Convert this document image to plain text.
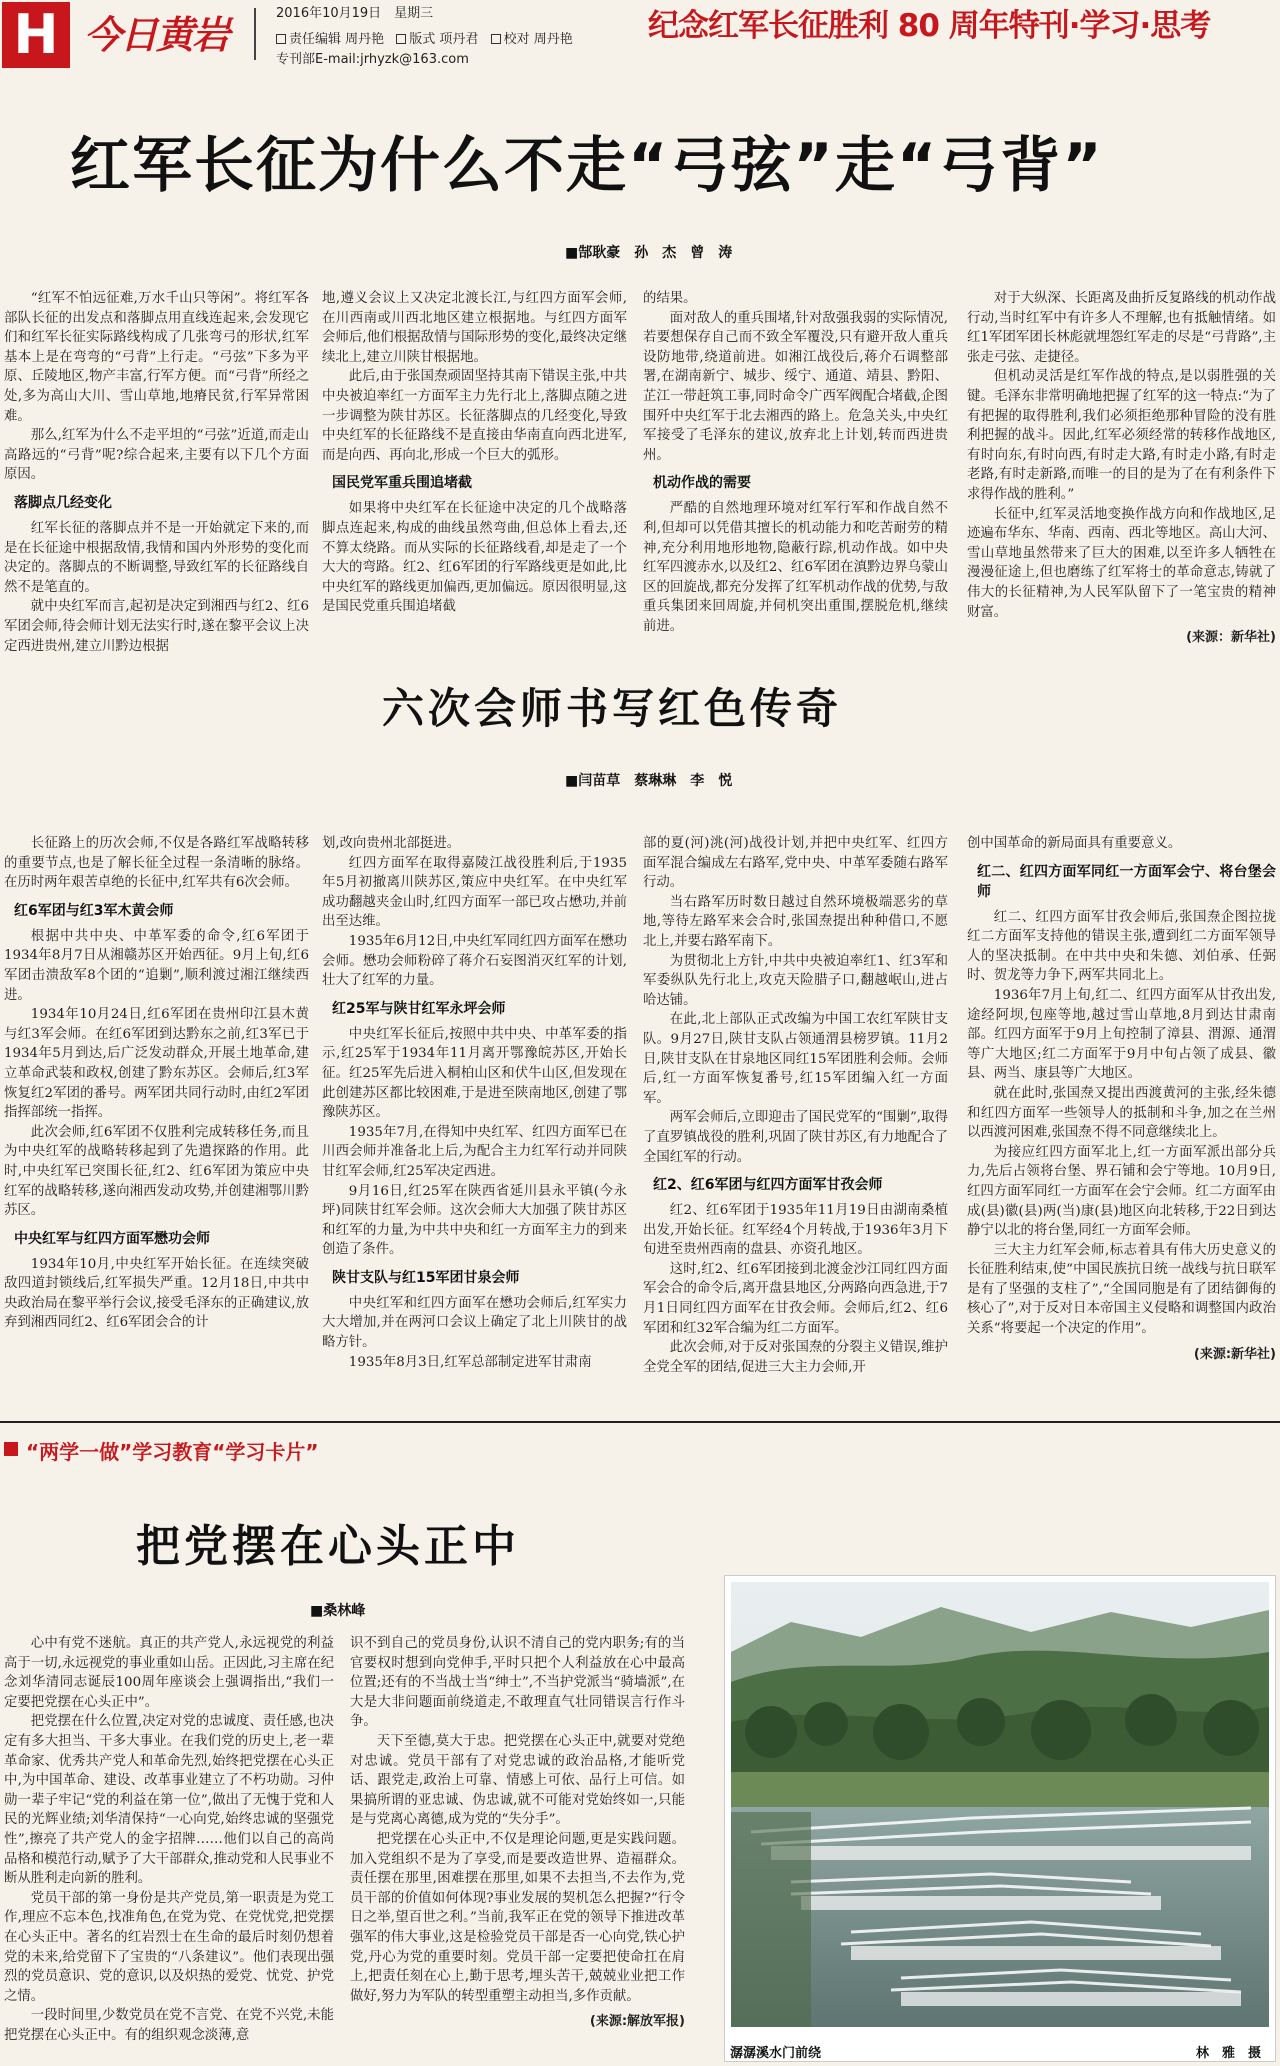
H 今日黄岩	2016年10月19日　星期三
责任编辑 周丹艳 版式 项丹君 校对 周丹艳
专刊部E-mail:jrhyzk@163.com
纪念红军长征胜利 80 周年特刊·学习·思考
红军长征为什么不走“弓弦”走“弓背”
■郜耿豪　孙　杰　曾　涛

“红军不怕远征难,万水千山只等闲”。将红军各部队长征的出发点和落脚点用直线连起来,会发现它们和红军长征实际路线构成了几张弯弓的形状,红军基本上是在弯弯的“弓背”上行走。“弓弦”下多为平原、丘陵地区,物产丰富,行军方便。而“弓背”所经之处,多为高山大川、雪山草地,地瘠民贫,行军异常困难。

那么,红军为什么不走平坦的“弓弦”近道,而走山高路远的“弓背”呢?综合起来,主要有以下几个方面原因。

落脚点几经变化

红军长征的落脚点并不是一开始就定下来的,而是在长征途中根据敌情,我情和国内外形势的变化而决定的。落脚点的不断调整,导致红军的长征路线自然不是笔直的。

就中央红军而言,起初是决定到湘西与红2、红6军团会师,待会师计划无法实行时,遂在黎平会议上决定西进贵州,建立川黔边根据

地,遵义会议上又决定北渡长江,与红四方面军会师,在川西南或川西北地区建立根据地。与红四方面军会师后,他们根据敌情与国际形势的变化,最终决定继续北上,建立川陕甘根据地。

此后,由于张国焘顽固坚持其南下错误主张,中共中央被迫率红一方面军主力先行北上,落脚点随之进一步调整为陕甘苏区。长征落脚点的几经变化,导致中央红军的长征路线不是直接由华南直向西北进军,而是向西、再向北,形成一个巨大的弧形。

国民党军重兵围追堵截

如果将中央红军在长征途中决定的几个战略落脚点连起来,构成的曲线虽然弯曲,但总体上看去,还不算太绕路。而从实际的长征路线看,却是走了一个大大的弯路。红2、红6军团的行军路线更是如此,比中央红军的路线更加偏西,更加偏远。原因很明显,这是国民党重兵围追堵截

的结果。

面对敌人的重兵围堵,针对敌强我弱的实际情况,若要想保存自己而不致全军覆没,只有避开敌人重兵设防地带,绕道前进。如湘江战役后,蒋介石调整部署,在湖南新宁、城步、绥宁、通道、靖县、黔阳、芷江一带赶筑工事,同时命令广西军阀配合堵截,企图围歼中央红军于北去湘西的路上。危急关头,中央红军接受了毛泽东的建议,放弃北上计划,转而西进贵州。

机动作战的需要

严酷的自然地理环境对红军行军和作战自然不利,但却可以凭借其擅长的机动能力和吃苦耐劳的精神,充分利用地形地物,隐蔽行踪,机动作战。如中央红军四渡赤水,以及红2、红6军团在滇黔边界乌蒙山区的回旋战,都充分发挥了红军机动作战的优势,与敌重兵集团来回周旋,并伺机突出重围,摆脱危机,继续前进。

对于大纵深、长距离及曲折反复路线的机动作战行动,当时红军中有许多人不理解,也有抵触情绪。如红1军团军团长林彪就埋怨红军走的尽是“弓背路”,主张走弓弦、走捷径。

但机动灵活是红军作战的特点,是以弱胜强的关键。毛泽东非常明确地把握了红军的这一特点:“为了有把握的取得胜利,我们必须拒绝那种冒险的没有胜利把握的战斗。因此,红军必须经常的转移作战地区,有时向东,有时向西,有时走大路,有时走小路,有时走老路,有时走新路,而唯一的目的是为了在有利条件下求得作战的胜利。”

长征中,红军灵活地变换作战方向和作战地区,足迹遍布华东、华南、西南、西北等地区。高山大河、雪山草地虽然带来了巨大的困难,以至许多人牺牲在漫漫征途上,但也磨练了红军将士的革命意志,铸就了伟大的长征精神,为人民军队留下了一笔宝贵的精神财富。

(来源：新华社)

六次会师书写红色传奇
■闫苗草　蔡琳琳　李　悦

长征路上的历次会师,不仅是各路红军战略转移的重要节点,也是了解长征全过程一条清晰的脉络。在历时两年艰苦卓绝的长征中,红军共有6次会师。

红6军团与红3军木黄会师

根据中共中央、中革军委的命令,红6军团于1934年8月7日从湘赣苏区开始西征。9月上旬,红6军团击溃敌军8个团的“追剿”,顺利渡过湘江继续西进。

1934年10月24日,红6军团在贵州印江县木黄与红3军会师。在红6军团到达黔东之前,红3军已于1934年5月到达,后广泛发动群众,开展土地革命,建立革命武装和政权,创建了黔东苏区。会师后,红3军恢复红2军团的番号。两军团共同行动时,由红2军团指挥部统一指挥。

此次会师,红6军团不仅胜利完成转移任务,而且为中央红军的战略转移起到了先遣探路的作用。此时,中央红军已突围长征,红2、红6军团为策应中央红军的战略转移,遂向湘西发动攻势,并创建湘鄂川黔苏区。

中央红军与红四方面军懋功会师

1934年10月,中央红军开始长征。在连续突破敌四道封锁线后,红军损失严重。12月18日,中共中央政治局在黎平举行会议,接受毛泽东的正确建议,放弃到湘西同红2、红6军团会合的计

划,改向贵州北部挺进。

红四方面军在取得嘉陵江战役胜利后,于1935年5月初撤离川陕苏区,策应中央红军。在中央红军成功翻越夹金山时,红四方面军一部已攻占懋功,并前出至达维。

1935年6月12日,中央红军同红四方面军在懋功会师。懋功会师粉碎了蒋介石妄图消灭红军的计划,壮大了红军的力量。

红25军与陕甘红军永坪会师

中央红军长征后,按照中共中央、中革军委的指示,红25军于1934年11月离开鄂豫皖苏区,开始长征。红25军先后进入桐柏山区和伏牛山区,但发现在此创建苏区都比较困难,于是进至陕南地区,创建了鄂豫陕苏区。

1935年7月,在得知中央红军、红四方面军已在川西会师并准备北上后,为配合主力红军行动并同陕甘红军会师,红25军决定西进。

9月16日,红25军在陕西省延川县永平镇(今永坪)同陕甘红军会师。这次会师大大加强了陕甘苏区和红军的力量,为中共中央和红一方面军主力的到来创造了条件。

陕甘支队与红15军团甘泉会师

中央红军和红四方面军在懋功会师后,红军实力大大增加,并在两河口会议上确定了北上川陕甘的战略方针。

1935年8月3日,红军总部制定进军甘肃南

部的夏(河)洮(河)战役计划,并把中央红军、红四方面军混合编成左右路军,党中央、中革军委随右路军行动。

当右路军历时数日越过自然环境极端恶劣的草地,等待左路军来会合时,张国焘提出种种借口,不愿北上,并要右路军南下。

为贯彻北上方针,中共中央被迫率红1、红3军和军委纵队先行北上,攻克天险腊子口,翻越岷山,进占哈达铺。

在此,北上部队正式改编为中国工农红军陕甘支队。9月27日,陕甘支队占领通渭县榜罗镇。11月2日,陕甘支队在甘泉地区同红15军团胜利会师。会师后,红一方面军恢复番号,红15军团编入红一方面军。

两军会师后,立即迎击了国民党军的“围剿”,取得了直罗镇战役的胜利,巩固了陕甘苏区,有力地配合了全国红军的行动。

红2、红6军团与红四方面军甘孜会师

红2、红6军团于1935年11月19日由湖南桑植出发,开始长征。红军经4个月转战,于1936年3月下旬进至贵州西南的盘县、亦资孔地区。

这时,红2、红6军团接到北渡金沙江同红四方面军会合的命令后,离开盘县地区,分两路向西急进,于7月1日同红四方面军在甘孜会师。会师后,红2、红6军团和红32军合编为红二方面军。

此次会师,对于反对张国焘的分裂主义错误,维护全党全军的团结,促进三大主力会师,开

创中国革命的新局面具有重要意义。

红二、红四方面军同红一方面军会宁、将台堡会师

红二、红四方面军甘孜会师后,张国焘企图拉拢红二方面军支持他的错误主张,遭到红二方面军领导人的坚决抵制。在中共中央和朱德、刘伯承、任弼时、贺龙等力争下,两军共同北上。

1936年7月上旬,红二、红四方面军从甘孜出发,途经阿坝,包座等地,越过雪山草地,8月到达甘肃南部。红四方面军于9月上旬控制了漳县、渭源、通渭等广大地区;红二方面军于9月中旬占领了成县、徽县、两当、康县等广大地区。

就在此时,张国焘又提出西渡黄河的主张,经朱德和红四方面军一些领导人的抵制和斗争,加之在兰州以西渡河困难,张国焘不得不同意继续北上。

为接应红四方面军北上,红一方面军派出部分兵力,先后占领将台堡、界石铺和会宁等地。10月9日,红四方面军同红一方面军在会宁会师。红二方面军由成(县)徽(县)两(当)康(县)地区向北转移,于22日到达静宁以北的将台堡,同红一方面军会师。

三大主力红军会师,标志着具有伟大历史意义的长征胜利结束,使“中国民族抗日统一战线与抗日联军是有了坚强的支柱了”,“全国同胞是有了团结御侮的核心了”,对于反对日本帝国主义侵略和调整国内政治关系“将要起一个决定的作用”。

(来源:新华社)

“两学一做”学习教育“学习卡片”
把党摆在心头正中
■桑林峰

心中有党不迷航。真正的共产党人,永远视党的利益高于一切,永远视党的事业重如山岳。正因此,习主席在纪念刘华清同志诞辰100周年座谈会上强调指出,“我们一定要把党摆在心头正中”。

把党摆在什么位置,决定对党的忠诚度、责任感,也决定有多大担当、干多大事业。在我们党的历史上,老一辈革命家、优秀共产党人和革命先烈,始终把党摆在心头正中,为中国革命、建设、改革事业建立了不朽功勋。习仲勋一辈子牢记“党的利益在第一位”,做出了无愧于党和人民的光辉业绩;刘华清保持“一心向党,始终忠诚的坚强党性”,擦亮了共产党人的金字招牌……他们以自己的高尚品格和模范行动,赋予了大干部群众,推动党和人民事业不断从胜利走向新的胜利。

党员干部的第一身份是共产党员,第一职责是为党工作,理应不忘本色,找准角色,在党为党、在党忧党,把党摆在心头正中。著名的红岩烈士在生命的最后时刻仍想着党的未来,给党留下了宝贵的“八条建议”。他们表现出强烈的党员意识、党的意识,以及炽热的爱党、忧党、护党之情。

一段时间里,少数党员在党不言党、在党不兴党,未能把党摆在心头正中。有的组织观念淡薄,意

识不到自己的党员身份,认识不清自己的党内职务;有的当官要权时想到向党伸手,平时只把个人利益放在心中最高位置;还有的不当战士当“绅士”,不当护党派当“骑墙派”,在大是大非问题面前绕道走,不敢理直气壮同错误言行作斗争。

天下至德,莫大于忠。把党摆在心头正中,就要对党绝对忠诚。党员干部有了对党忠诚的政治品格,才能听党话、跟党走,政治上可靠、情感上可依、品行上可信。如果搞所谓的亚忠诚、伪忠诚,就不可能对党始终如一,只能是与党离心离德,成为党的“失分手”。

把党摆在心头正中,不仅是理论问题,更是实践问题。加入党组织不是为了享受,而是要改造世界、造福群众。责任摆在那里,困难摆在那里,如果不去担当,不去作为,党员干部的价值如何体现?事业发展的契机怎么把握?“行令日之举,望百世之利。”当前,我军正在党的领导下推进改革强军的伟大事业,这是检验党员干部是否一心向党,铁心护党,丹心为党的重要时刻。党员干部一定要把使命扛在肩上,把责任刻在心上,勤于思考,埋头苦干,兢兢业业把工作做好,努力为军队的转型重塑主动担当,多作贡献。

(来源:解放军报)

潺潺溪水门前绕	林　雅　摄
